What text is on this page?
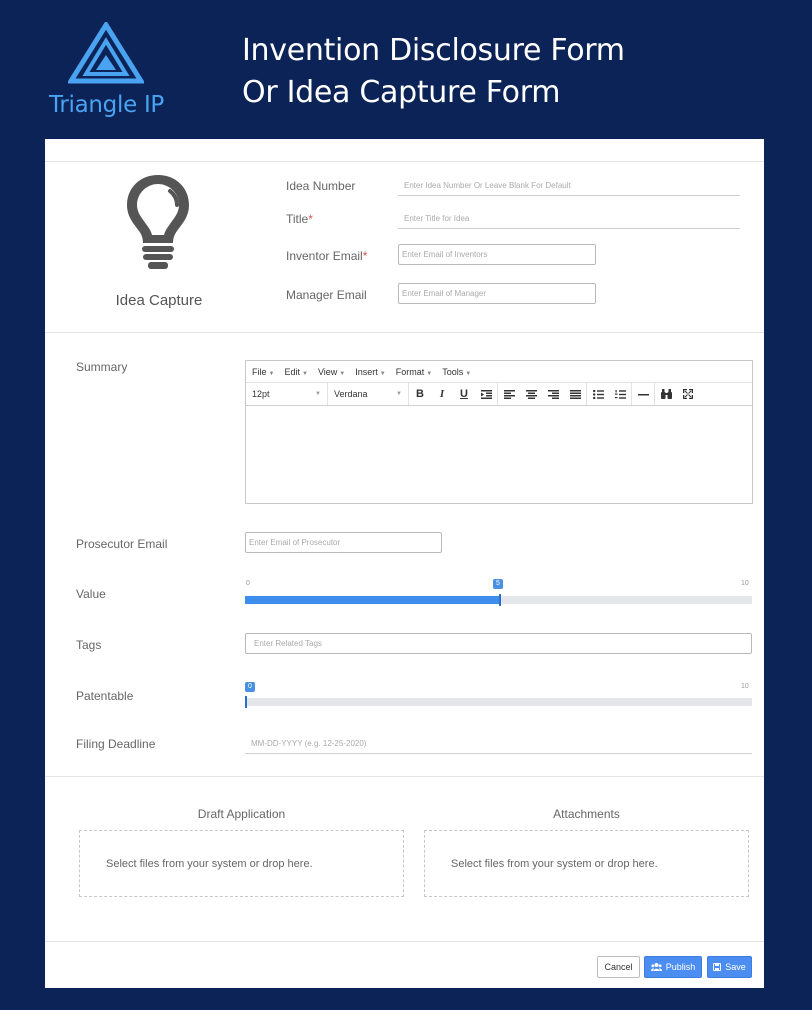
Triangle IP
Invention Disclosure Form
Or Idea Capture Form
Idea Capture
Idea Number
Enter Idea Number Or Leave Blank For Default
Title*
Enter Title for Idea
Inventor Email*
Enter Email of Inventors
Manager Email
Enter Email of Manager
Summary	File ▼ Edit ▼ View ▼ Insert ▼ Format ▼ Tools ▼
12pt	▼ Verdana	▼ B I U
Prosecutor Email
Enter Email of Prosecutor
Value
0	10
5
Tags
Enter Related Tags
Patentable
0	10
Filing Deadline
MM-DD-YYYY (e.g. 12-25-2020)
Draft Application
Select files from your system or drop here.
Attachments
Select files from your system or drop here.
Cancel	Publish	Save
